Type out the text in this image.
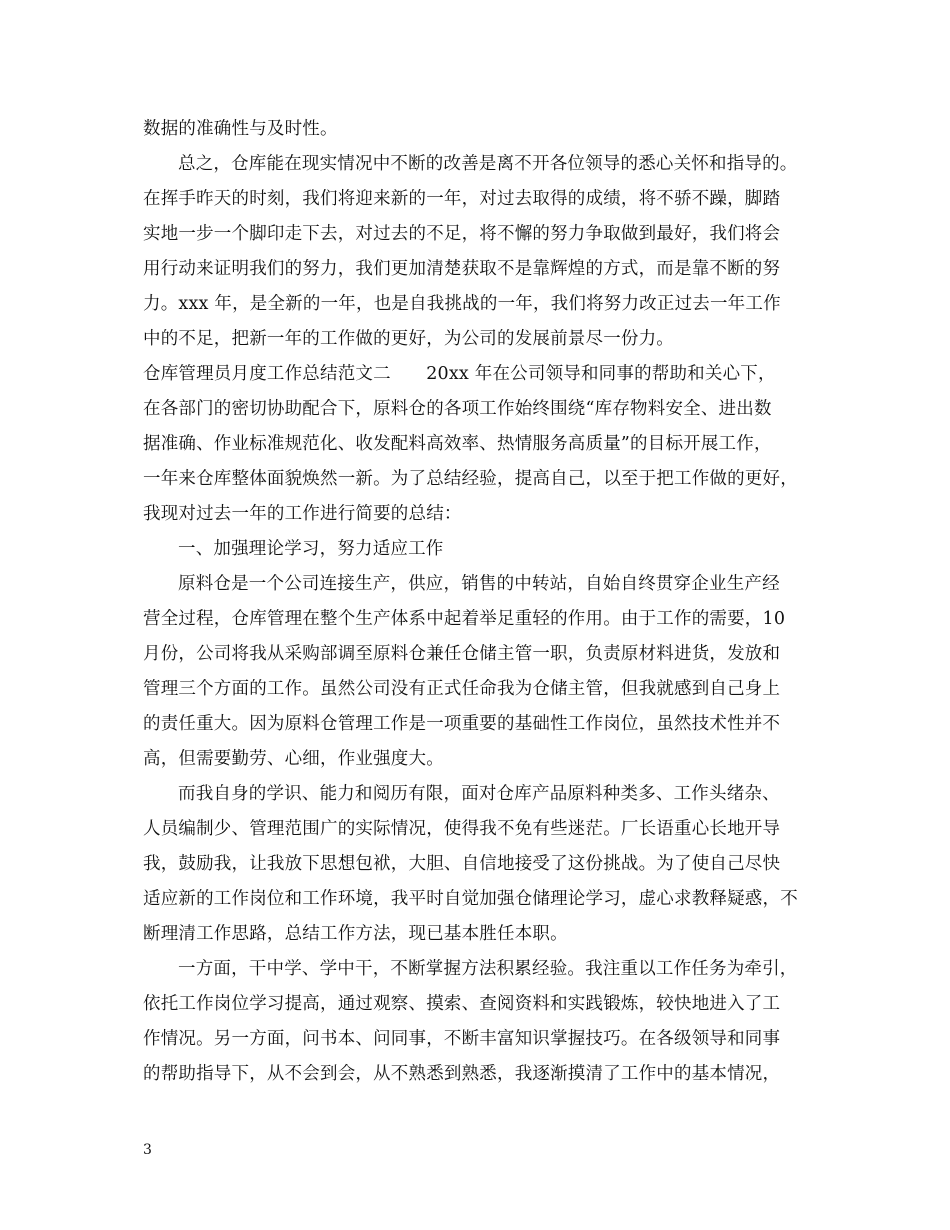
数据的准确性与及时性。
总之，仓库能在现实情况中不断的改善是离不开各位领导的悉心关怀和指导的。
在挥手昨天的时刻，我们将迎来新的一年，对过去取得的成绩，将不骄不躁，脚踏
实地一步一个脚印走下去，对过去的不足，将不懈的努力争取做到最好，我们将会
用行动来证明我们的努力，我们更加清楚获取不是靠辉煌的方式，而是靠不断的努
力。xxx 年，是全新的一年，也是自我挑战的一年，我们将努力改正过去一年工作
中的不足，把新一年的工作做的更好，为公司的发展前景尽一份力。
仓库管理员月度工作总结范文二　　20xx 年在公司领导和同事的帮助和关心下，
在各部门的密切协助配合下，原料仓的各项工作始终围绕“库存物料安全、进出数
据准确、作业标准规范化、收发配料高效率、热情服务高质量”的目标开展工作，
一年来仓库整体面貌焕然一新。为了总结经验，提高自己，以至于把工作做的更好，
我现对过去一年的工作进行简要的总结：
一、加强理论学习，努力适应工作
原料仓是一个公司连接生产，供应，销售的中转站，自始自终贯穿企业生产经
营全过程，仓库管理在整个生产体系中起着举足重轻的作用。由于工作的需要，10
月份，公司将我从采购部调至原料仓兼任仓储主管一职，负责原材料进货，发放和
管理三个方面的工作。虽然公司没有正式任命我为仓储主管，但我就感到自己身上
的责任重大。因为原料仓管理工作是一项重要的基础性工作岗位，虽然技术性并不
高，但需要勤劳、心细，作业强度大。
而我自身的学识、能力和阅历有限，面对仓库产品原料种类多、工作头绪杂、
人员编制少、管理范围广的实际情况，使得我不免有些迷茫。厂长语重心长地开导
我，鼓励我，让我放下思想包袱，大胆、自信地接受了这份挑战。为了使自己尽快
适应新的工作岗位和工作环境，我平时自觉加强仓储理论学习，虚心求教释疑惑，不
断理清工作思路，总结工作方法，现已基本胜任本职。
一方面，干中学、学中干，不断掌握方法积累经验。我注重以工作任务为牵引，
依托工作岗位学习提高，通过观察、摸索、查阅资料和实践锻炼，较快地进入了工
作情况。另一方面，问书本、问同事，不断丰富知识掌握技巧。在各级领导和同事
的帮助指导下，从不会到会，从不熟悉到熟悉，我逐渐摸清了工作中的基本情况，
3
